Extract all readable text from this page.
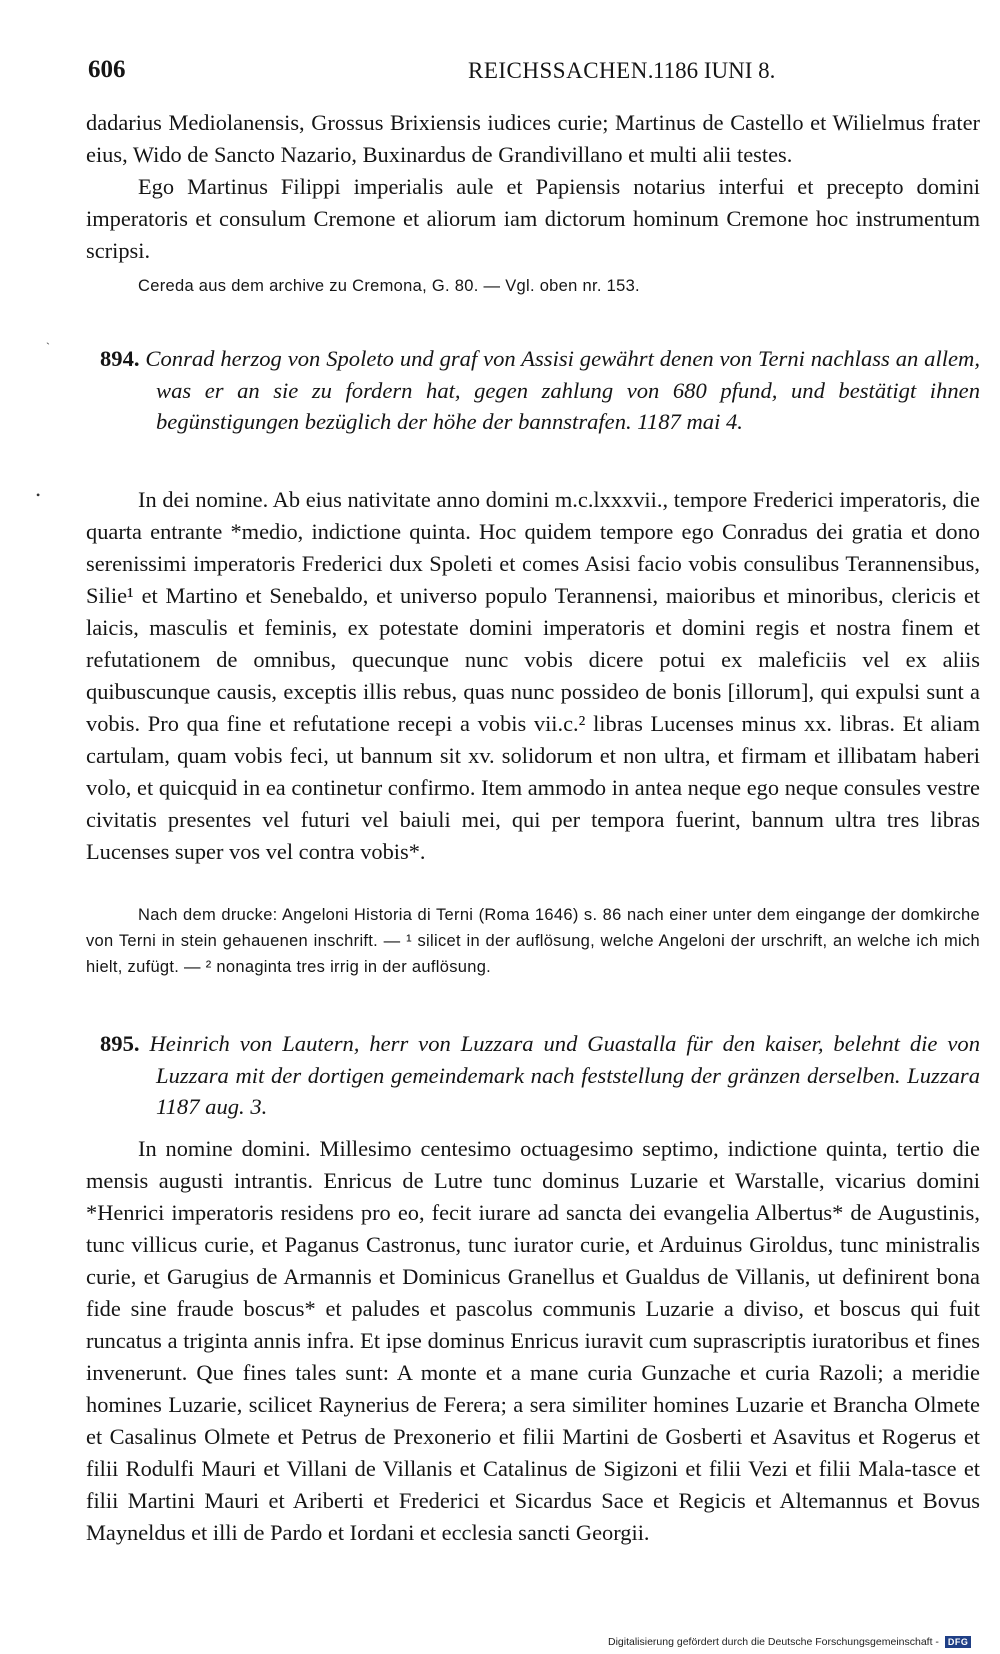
606	REICHSSACHEN.
1186 IUNI 8.
dadarius Mediolanensis, Grossus Brixiensis iudices curie; Martinus de Castello et Wilielmus frater eius, Wido de Sancto Nazario, Buxinardus de Grandivillano et multi alii testes.
Ego Martinus Filippi imperialis aule et Papiensis notarius interfui et precepto domini imperatoris et consulum Cremone et aliorum iam dictorum hominum Cremone hoc instrumentum scripsi.
Cereda aus dem archive zu Cremona, G. 80. — Vgl. oben nr. 153.
` 894. Conrad herzog von Spoleto und graf von Assisi gewährt denen von Terni nachlass an allem, was er an sie zu fordern hat, gegen zahlung von 680 pfund, und bestätigt ihnen begünstigungen bezüglich der höhe der bannstrafen. 1187 mai 4.
•	In dei nomine. Ab eius nativitate anno domini m.c.lxxxvii., tempore Frederici imperatoris, die quarta entrante *medio, indictione quinta. Hoc quidem tempore ego Conradus dei gratia et dono serenissimi imperatoris Frederici dux Spoleti et comes Asisi facio vobis consulibus Terannensibus, Silie¹ et Martino et Senebaldo, et universo populo Terannensi, maioribus et minoribus, clericis et laicis, masculis et feminis, ex potestate domini imperatoris et domini regis et nostra finem et refutationem de omnibus, quecunque nunc vobis dicere potui ex maleficiis vel ex aliis quibuscunque causis, exceptis illis rebus, quas nunc possideo de bonis [illorum], qui expulsi sunt a vobis. Pro qua fine et refutatione recepi a vobis vii.c.² libras Lucenses minus xx. libras. Et aliam cartulam, quam vobis feci, ut bannum sit xv. solidorum et non ultra, et firmam et illibatam haberi volo, et quicquid in ea continetur confirmo. Item ammodo in antea neque ego neque consules vestre civitatis presentes vel futuri vel baiuli mei, qui per tempora fuerint, bannum ultra tres libras Lucenses super vos vel contra vobis*.
Nach dem drucke: Angeloni Historia di Terni (Roma 1646) s. 86 nach einer unter dem eingange der domkirche von Terni in stein gehauenen inschrift. — ¹ silicet in der auflösung, welche Angeloni der urschrift, an welche ich mich hielt, zufügt. — ² nonaginta tres irrig in der auflösung.
895. Heinrich von Lautern, herr von Luzzara und Guastalla für den kaiser, belehnt die von Luzzara mit der dortigen gemeindemark nach feststellung der gränzen derselben. Luzzara 1187 aug. 3.
In nomine domini. Millesimo centesimo octuagesimo septimo, indictione quinta, tertio die mensis augusti intrantis. Enricus de Lutre tunc dominus Luzarie et Warstalle, vicarius domini *Henrici imperatoris residens pro eo, fecit iurare ad sancta dei evangelia Albertus* de Augustinis, tunc villicus curie, et Paganus Castronus, tunc iurator curie, et Arduinus Giroldus, tunc ministralis curie, et Garugius de Armannis et Dominicus Granellus et Gualdus de Villanis, ut definirent bona fide sine fraude boscus* et paludes et pascolus communis Luzarie a diviso, et boscus qui fuit runcatus a triginta annis infra. Et ipse dominus Enricus iuravit cum suprascriptis iuratoribus et fines invenerunt. Que fines tales sunt: A monte et a mane curia Gunzache et curia Razoli; a meridie homines Luzarie, scilicet Raynerius de Ferera; a sera similiter homines Luzarie et Brancha Olmete et Casalinus Olmete et Petrus de Prexonerio et filii Martini de Gosberti et Asavitus et Rogerus et filii Rodulfi Mauri et Villani de Villanis et Catalinus de Sigizoni et filii Vezi et filii Mala-tasce et filii Martini Mauri et Ariberti et Frederici et Sicardus Sace et Regicis et Altemannus et Bovus Mayneldus et illi de Pardo et Iordani et ecclesia sancti Georgii.
Digitalisierung gefördert durch die Deutsche Forschungsgemeinschaft - DFG
